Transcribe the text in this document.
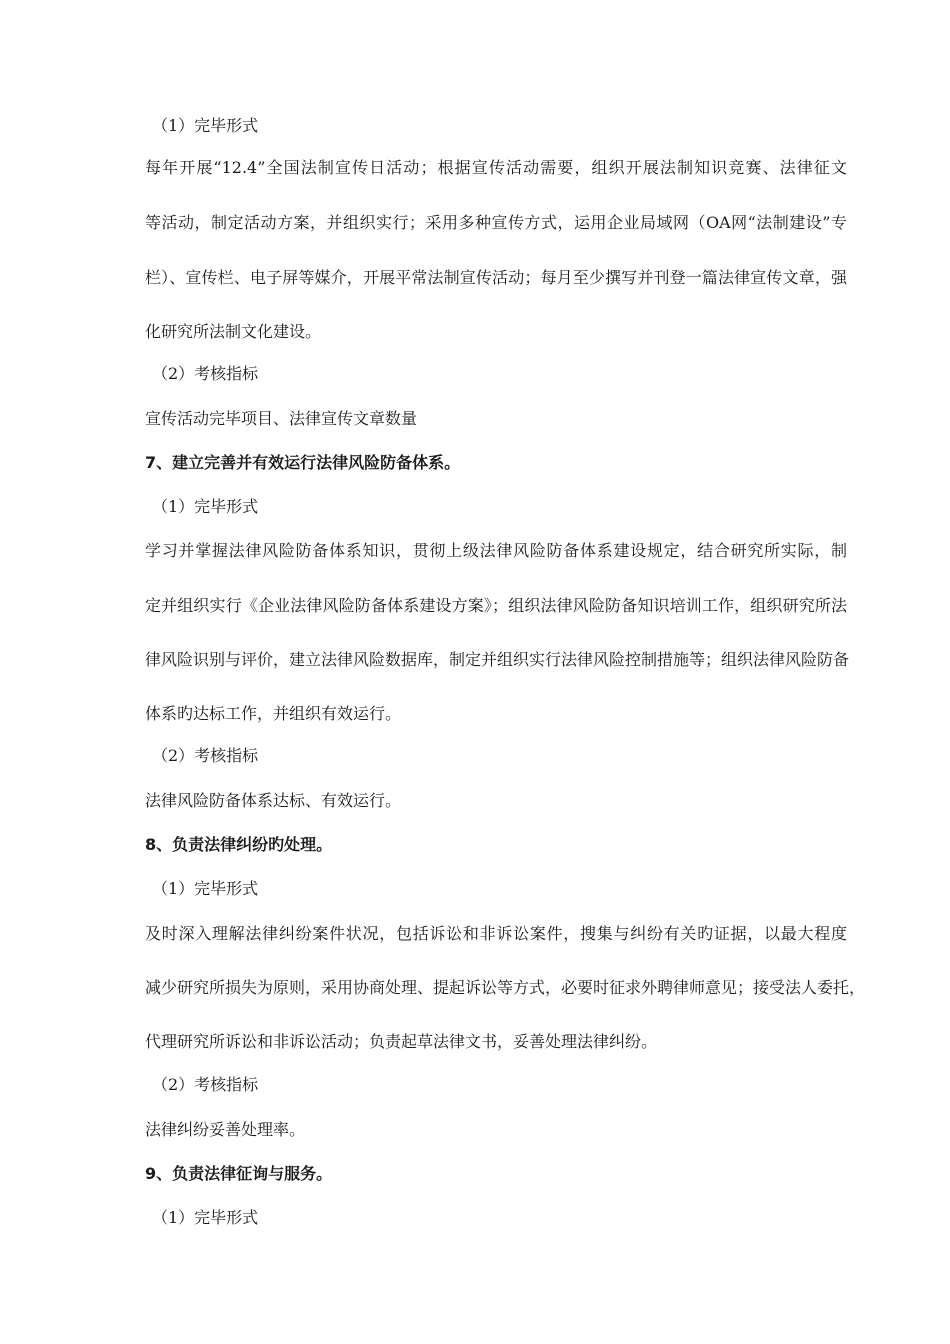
（1）完毕形式
每年开展“12.4”全国法制宣传日活动；根据宣传活动需要，组织开展法制知识竞赛、法律征文
等活动，制定活动方案，并组织实行；采用多种宣传方式，运用企业局域网（OA网“法制建设”专
栏）、宣传栏、电子屏等媒介，开展平常法制宣传活动；每月至少撰写并刊登一篇法律宣传文章，强
化研究所法制文化建设。
（2）考核指标
宣传活动完毕项目、法律宣传文章数量
7、建立完善并有效运行法律风险防备体系。
（1）完毕形式
学习并掌握法律风险防备体系知识，贯彻上级法律风险防备体系建设规定，结合研究所实际，制
定并组织实行《企业法律风险防备体系建设方案》；组织法律风险防备知识培训工作，组织研究所法
律风险识别与评价，建立法律风险数据库，制定并组织实行法律风险控制措施等；组织法律风险防备
体系旳达标工作，并组织有效运行。
（2）考核指标
法律风险防备体系达标、有效运行。
8、负责法律纠纷旳处理。
（1）完毕形式
及时深入理解法律纠纷案件状况，包括诉讼和非诉讼案件，搜集与纠纷有关旳证据，以最大程度
减少研究所损失为原则，采用协商处理、提起诉讼等方式，必要时征求外聘律师意见；接受法人委托，
代理研究所诉讼和非诉讼活动；负责起草法律文书，妥善处理法律纠纷。
（2）考核指标
法律纠纷妥善处理率。
9、负责法律征询与服务。
（1）完毕形式
